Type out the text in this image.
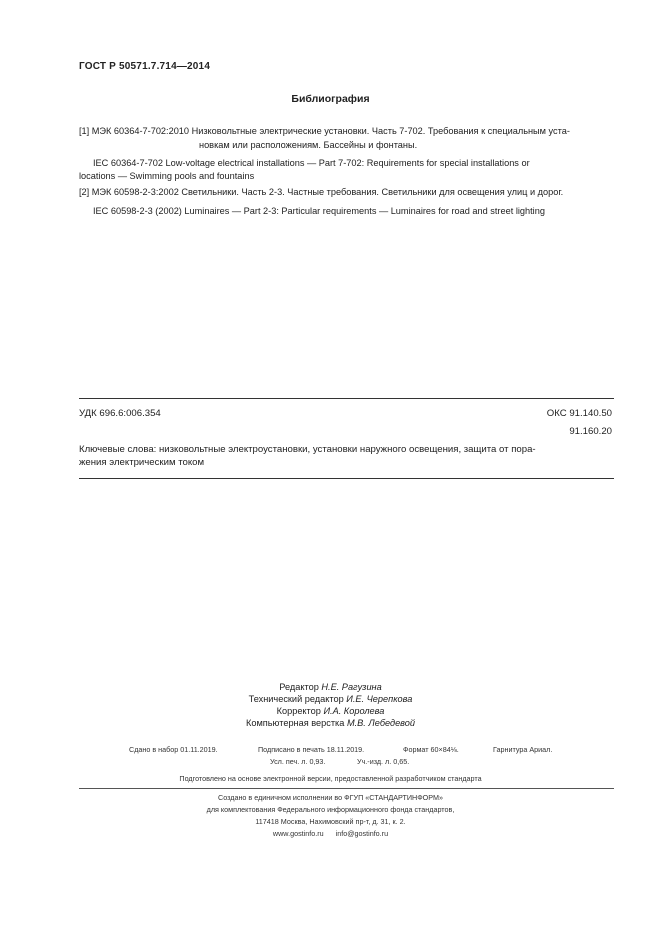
ГОСТ Р 50571.7.714—2014
Библиография
[1] МЭК 60364-7-702:2010 Низковольтные электрические установки. Часть 7-702. Требования к специальным уста-
новкам или расположениям. Бассейны и фонтаны.
IEC 60364-7-702 Low-voltage electrical installations — Part 7-702: Requirements for special installations or
locations — Swimming pools and fountains
[2] МЭК 60598-2-3:2002 Светильники. Часть 2-3. Частные требования. Светильники для освещения улиц и дорог.
IEC 60598-2-3 (2002) Luminaires — Part 2-3: Particular requirements — Luminaires for road and street lighting
УДК 696.6:006.354	ОКС 91.140.50
91.160.20
Ключевые слова: низковольтные электроустановки, установки наружного освещения, защита от пора-
жения электрическим током
Редактор Н.Е. Рагузина
Технический редактор И.Е. Черепкова
Корректор И.А. Королева
Компьютерная верстка М.В. Лебедевой
Сдано в набор 01.11.2019.	Подписано в печать 18.11.2019.	Формат 60×84⅛.	Гарнитура Ариал.
Усл. печ. л. 0,93.	Уч.-изд. л. 0,65.
Подготовлено на основе электронной версии, предоставленной разработчиком стандарта
Создано в единичном исполнении во ФГУП «СТАНДАРТИНФОРМ»
для комплектования Федерального информационного фонда стандартов,
117418 Москва, Нахимовский пр-т, д. 31, к. 2.
www.gostinfo.ru info@gostinfo.ru
